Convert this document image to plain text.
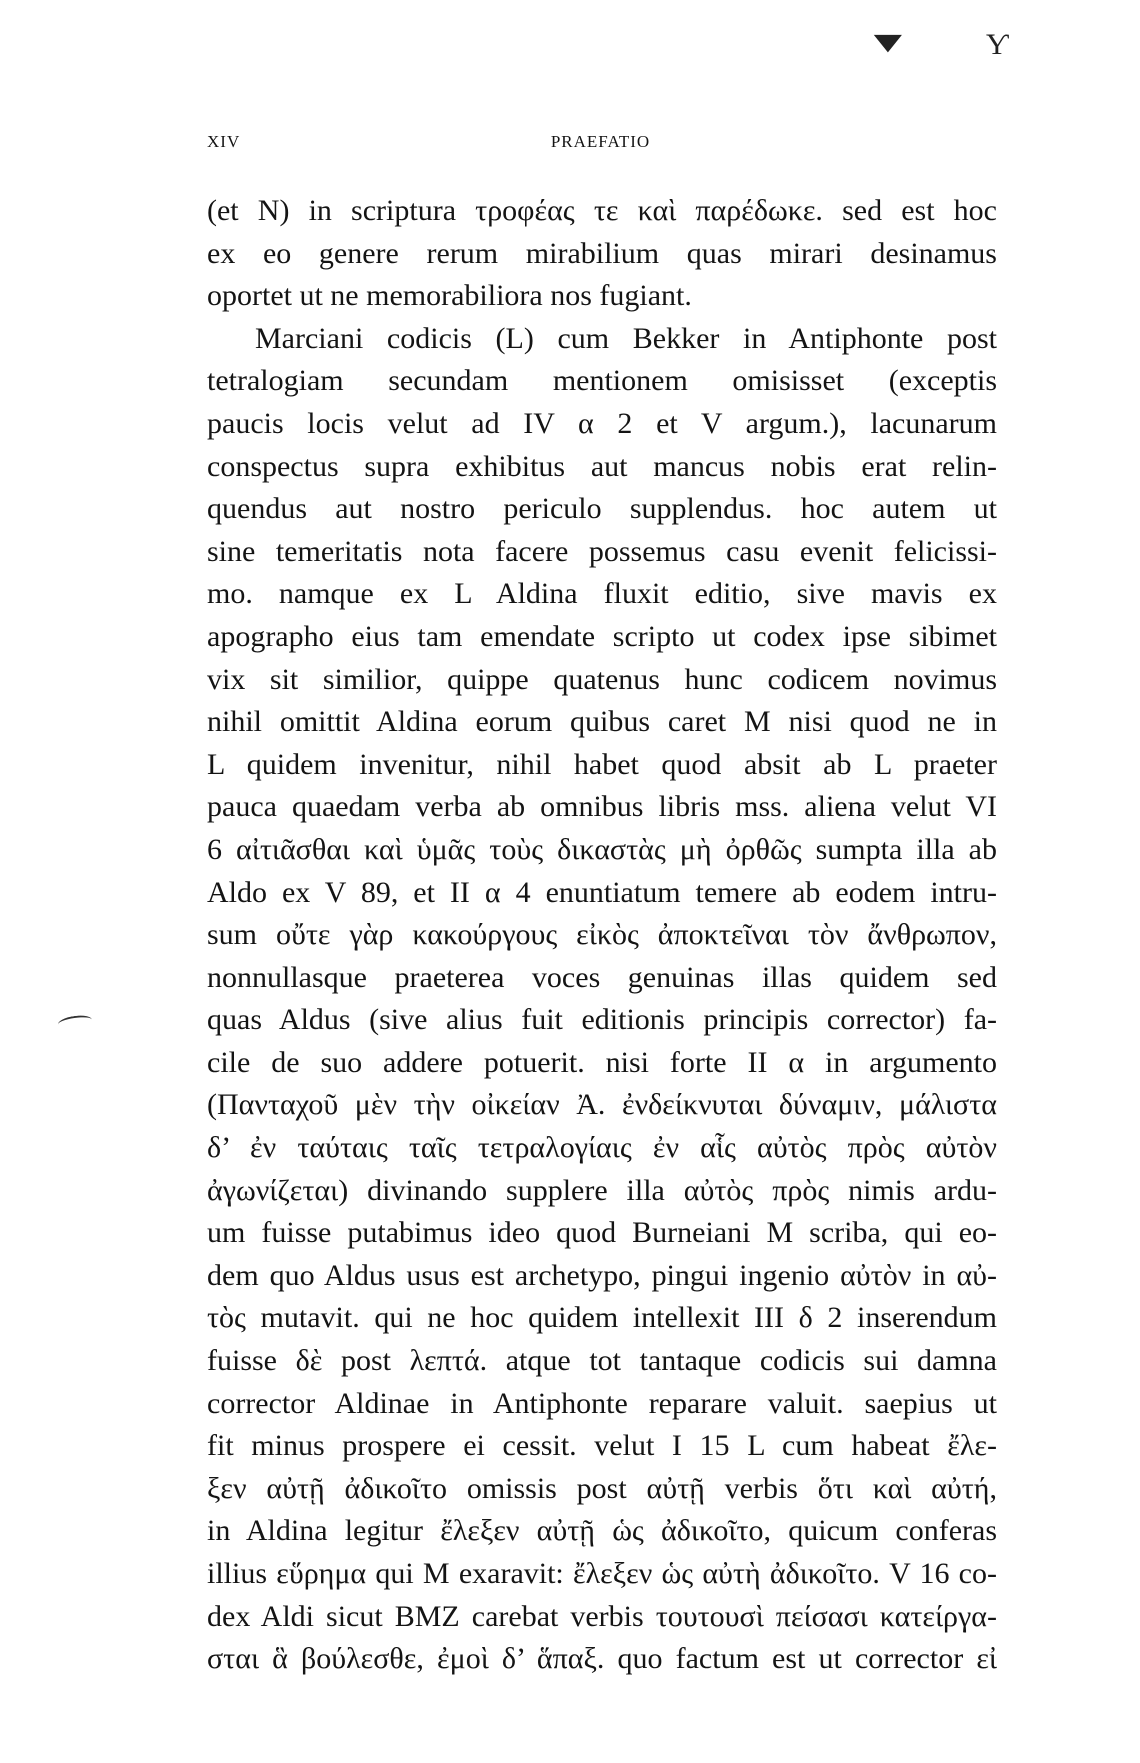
▼ Ƴ
XIV	PRAEFATIO
(et N) in scriptura τροφέας τε καὶ παρέδωκε. sed est hoc
ex eo genere rerum mirabilium quas mirari desinamus
oportet ut ne memorabiliora nos fugiant.
Marciani codicis (L) cum Bekker in Antiphonte post
tetralogiam secundam mentionem omisisset (exceptis
paucis locis velut ad IV α 2 et V argum.), lacunarum
conspectus supra exhibitus aut mancus nobis erat relin-
quendus aut nostro periculo supplendus. hoc autem ut
sine temeritatis nota facere possemus casu evenit felicissi-
mo. namque ex L Aldina fluxit editio, sive mavis ex
apographo eius tam emendate scripto ut codex ipse sibimet
vix sit similior, quippe quatenus hunc codicem novimus
nihil omittit Aldina eorum quibus caret M nisi quod ne in
L quidem invenitur, nihil habet quod absit ab L praeter
pauca quaedam verba ab omnibus libris mss. aliena velut VI
6 αἰτιᾶσθαι καὶ ὑμᾶς τοὺς δικαστὰς μὴ ὀρθῶς sumpta illa ab
Aldo ex V 89, et II α 4 enuntiatum temere ab eodem intru-
sum οὔτε γὰρ κακούργους εἰκὸς ἀποκτεῖναι τὸν ἄνθρωπον,
nonnullasque praeterea voces genuinas illas quidem sed
quas Aldus (sive alius fuit editionis principis corrector) fa-
cile de suo addere potuerit. nisi forte II α in argumento
(Πανταχοῦ μὲν τὴν οἰκείαν Ἀ. ἐνδείκνυται δύναμιν, μάλιστα
δ’ ἐν ταύταις ταῖς τετραλογίαις ἐν αἷς αὐτὸς πρὸς αὐτὸν
ἀγωνίζεται) divinando supplere illa αὐτὸς πρὸς nimis ardu-
um fuisse putabimus ideo quod Burneiani M scriba, qui eo-
dem quo Aldus usus est archetypo, pingui ingenio αὐτὸν in αὐ-
τὸς mutavit. qui ne hoc quidem intellexit III δ 2 inserendum
fuisse δὲ post λεπτά. atque tot tantaque codicis sui damna
corrector Aldinae in Antiphonte reparare valuit. saepius ut
fit minus prospere ei cessit. velut I 15 L cum habeat ἔλε-
ξεν αὐτῇ ἀδικοῖτο omissis post αὐτῇ verbis ὅτι καὶ αὐτή,
in Aldina legitur ἔλεξεν αὐτῇ ὡς ἀδικοῖτο, quicum conferas
illius εὕρημα qui M exaravit: ἔλεξεν ὡς αὐτὴ ἀδικοῖτο. V 16 co-
dex Aldi sicut BMZ carebat verbis τουτουσὶ πείσασι κατείργα-
σται ἃ βούλεσθε, ἐμοὶ δ’ ἅπαξ. quo factum est ut corrector εἰ
